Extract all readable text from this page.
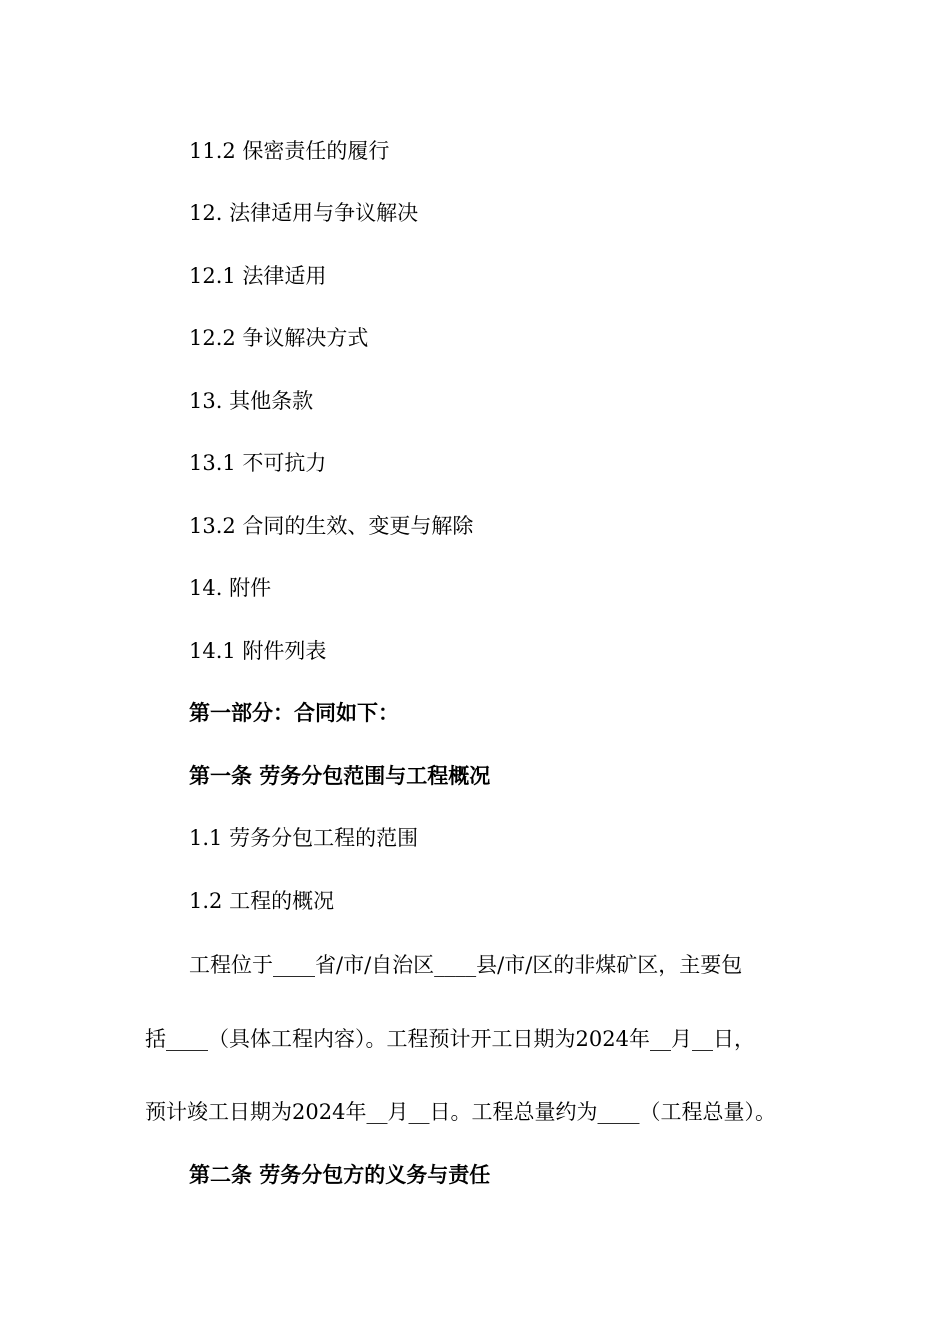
11.2 保密责任的履行
12. 法律适用与争议解决
12.1 法律适用
12.2 争议解决方式
13. 其他条款
13.1 不可抗力
13.2 合同的生效、变更与解除
14. 附件
14.1 附件列表
第一部分：合同如下：
第一条 劳务分包范围与工程概况
1.1 劳务分包工程的范围
1.2 工程的概况
工程位于____省/市/自治区____县/市/区的非煤矿区，主要包
括____（具体工程内容）。工程预计开工日期为2024年__月__日，
预计竣工日期为2024年__月__日。工程总量约为____（工程总量）。
第二条 劳务分包方的义务与责任
